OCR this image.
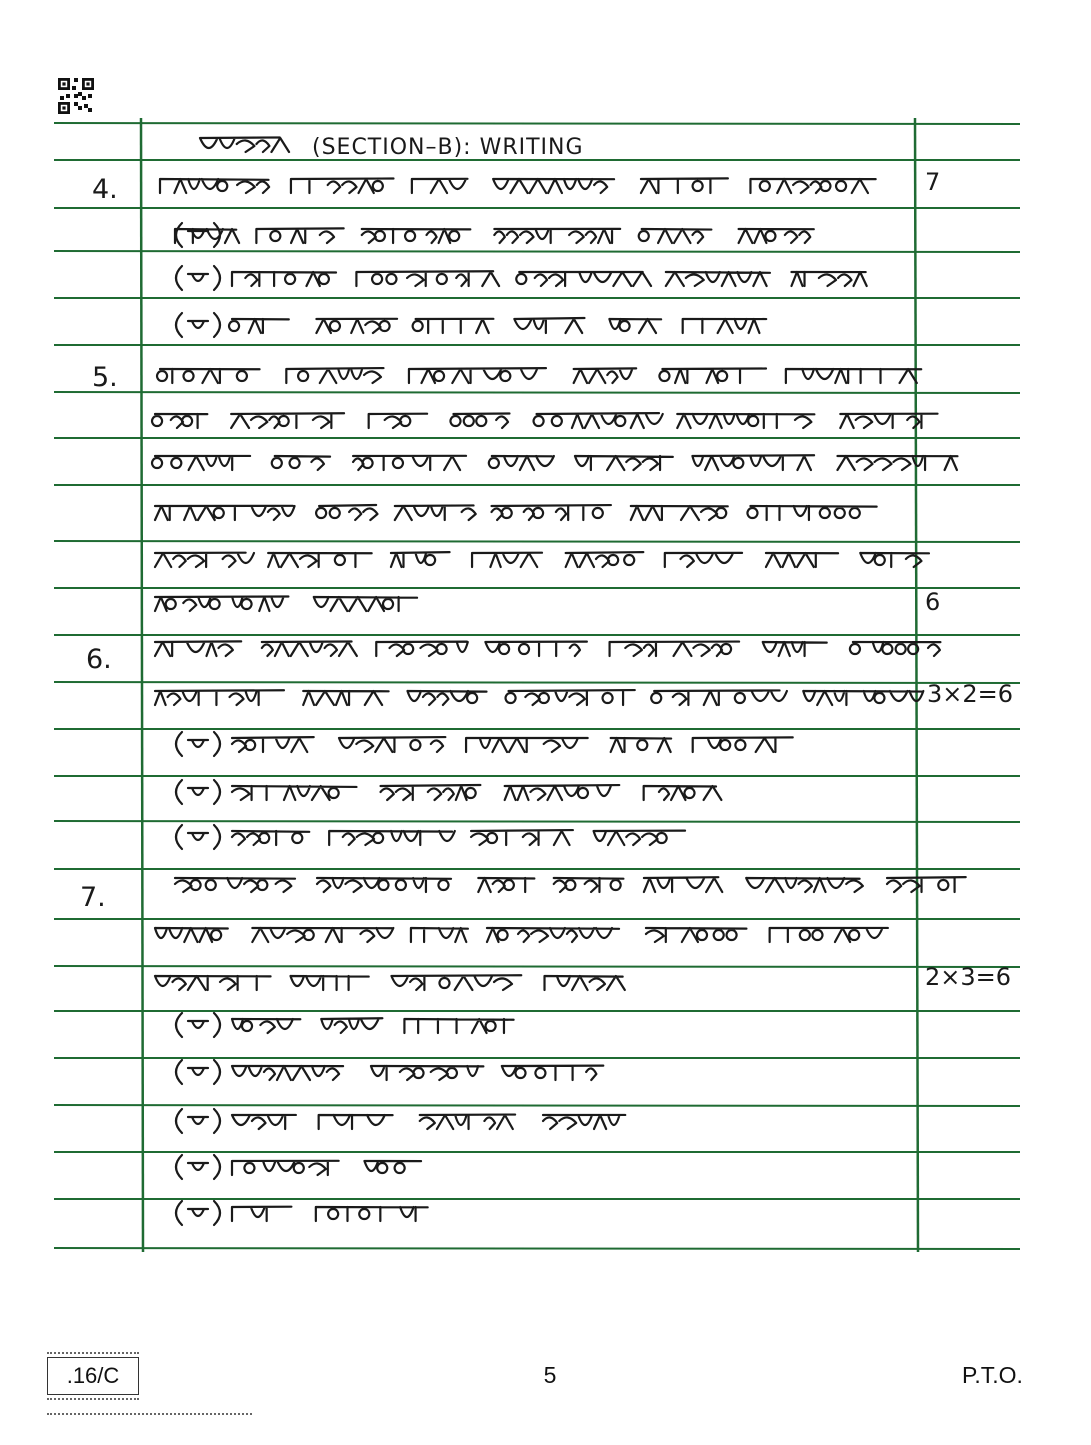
(SECTION–B): WRITING
4.
5.
6.
7.
7
6
3×2=6
2×3=6
.16/C	5	P.T.O.
